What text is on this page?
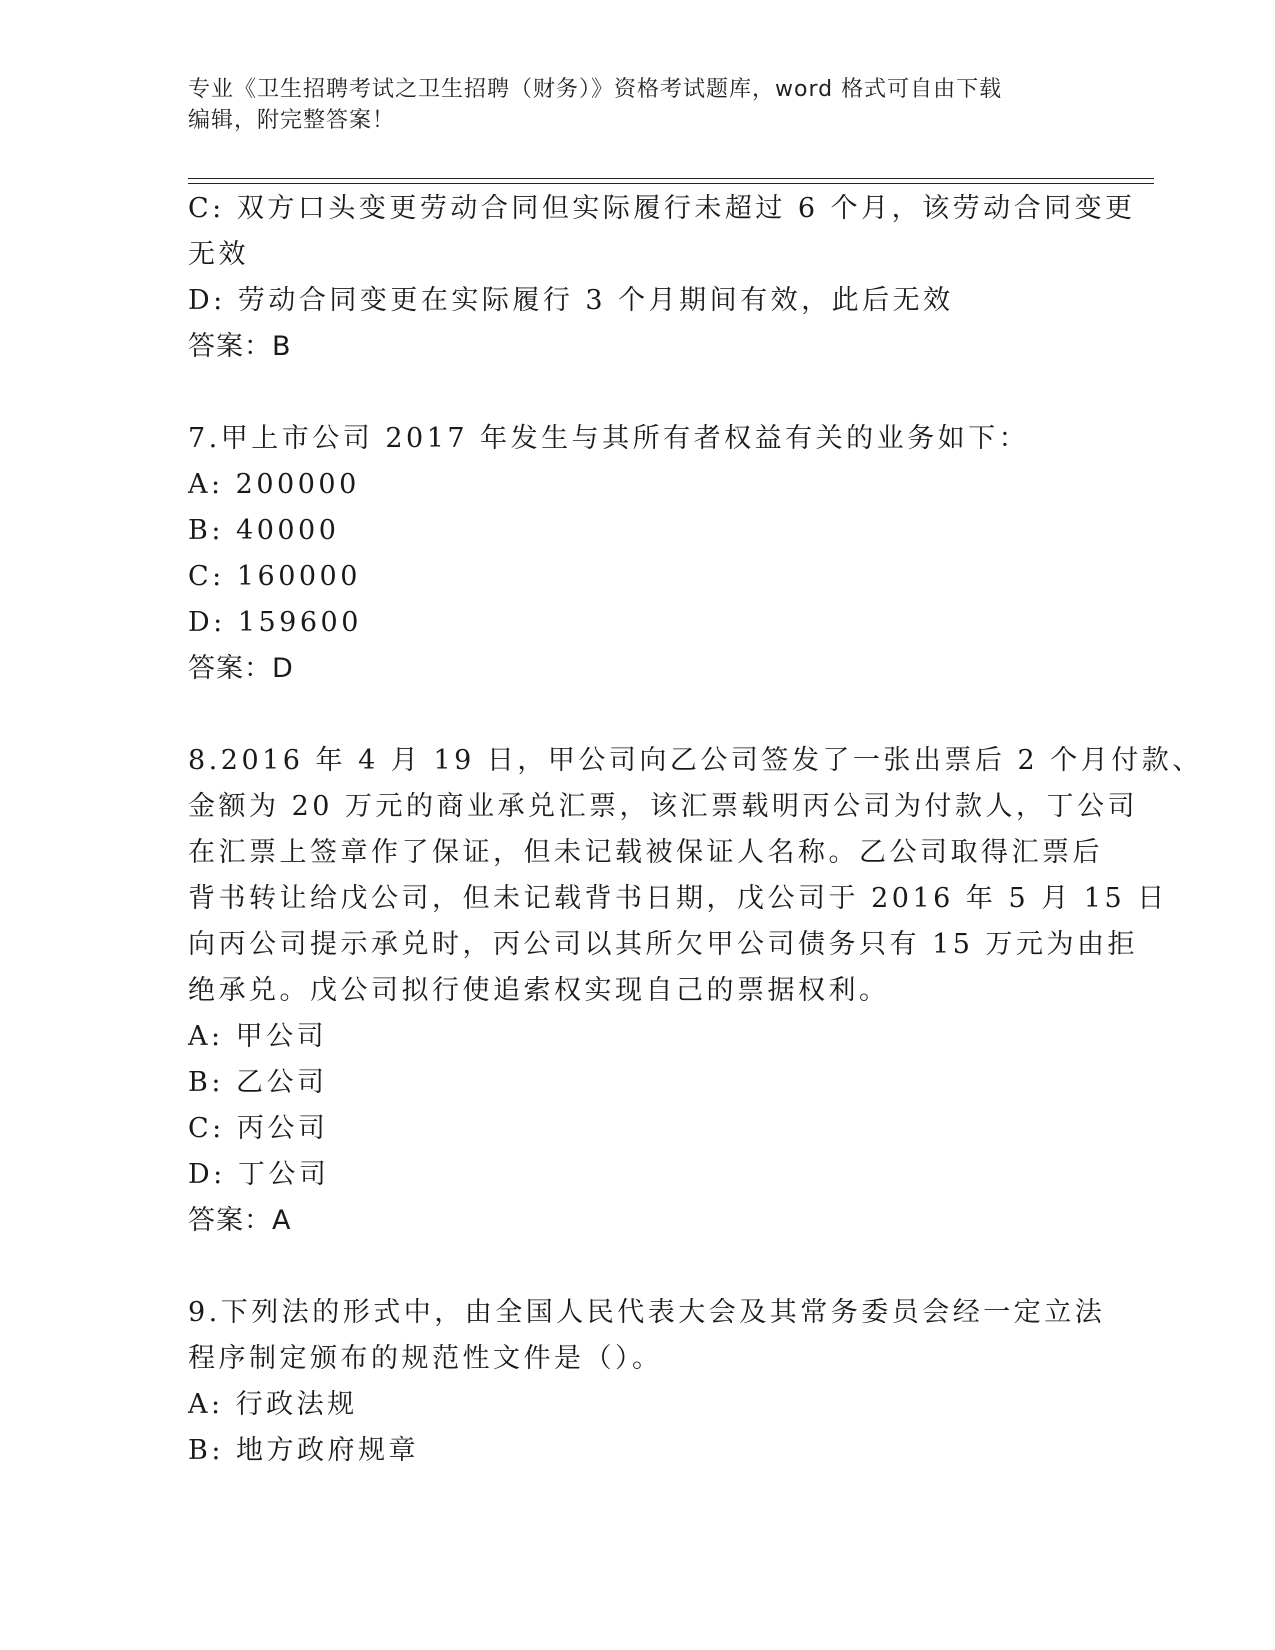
专业《卫生招聘考试之卫生招聘（财务）》资格考试题库，word 格式可自由下载
编辑，附完整答案！
C: 双方口头变更劳动合同但实际履行未超过 6 个月，该劳动合同变更
无效
D: 劳动合同变更在实际履行 3 个月期间有效，此后无效
答案：B
7.甲上市公司 2017 年发生与其所有者权益有关的业务如下：
A: 200000
B: 40000
C: 160000
D: 159600
答案：D
8.2016 年 4 月 19 日，甲公司向乙公司签发了一张出票后 2 个月付款、
金额为 20 万元的商业承兑汇票，该汇票载明丙公司为付款人，丁公司
在汇票上签章作了保证，但未记载被保证人名称。乙公司取得汇票后
背书转让给戊公司，但未记载背书日期，戊公司于 2016 年 5 月 15 日
向丙公司提示承兑时，丙公司以其所欠甲公司债务只有 15 万元为由拒
绝承兑。戊公司拟行使追索权实现自己的票据权利。
A: 甲公司
B: 乙公司
C: 丙公司
D: 丁公司
答案：A
9.下列法的形式中，由全国人民代表大会及其常务委员会经一定立法
程序制定颁布的规范性文件是（）。
A: 行政法规
B: 地方政府规章
